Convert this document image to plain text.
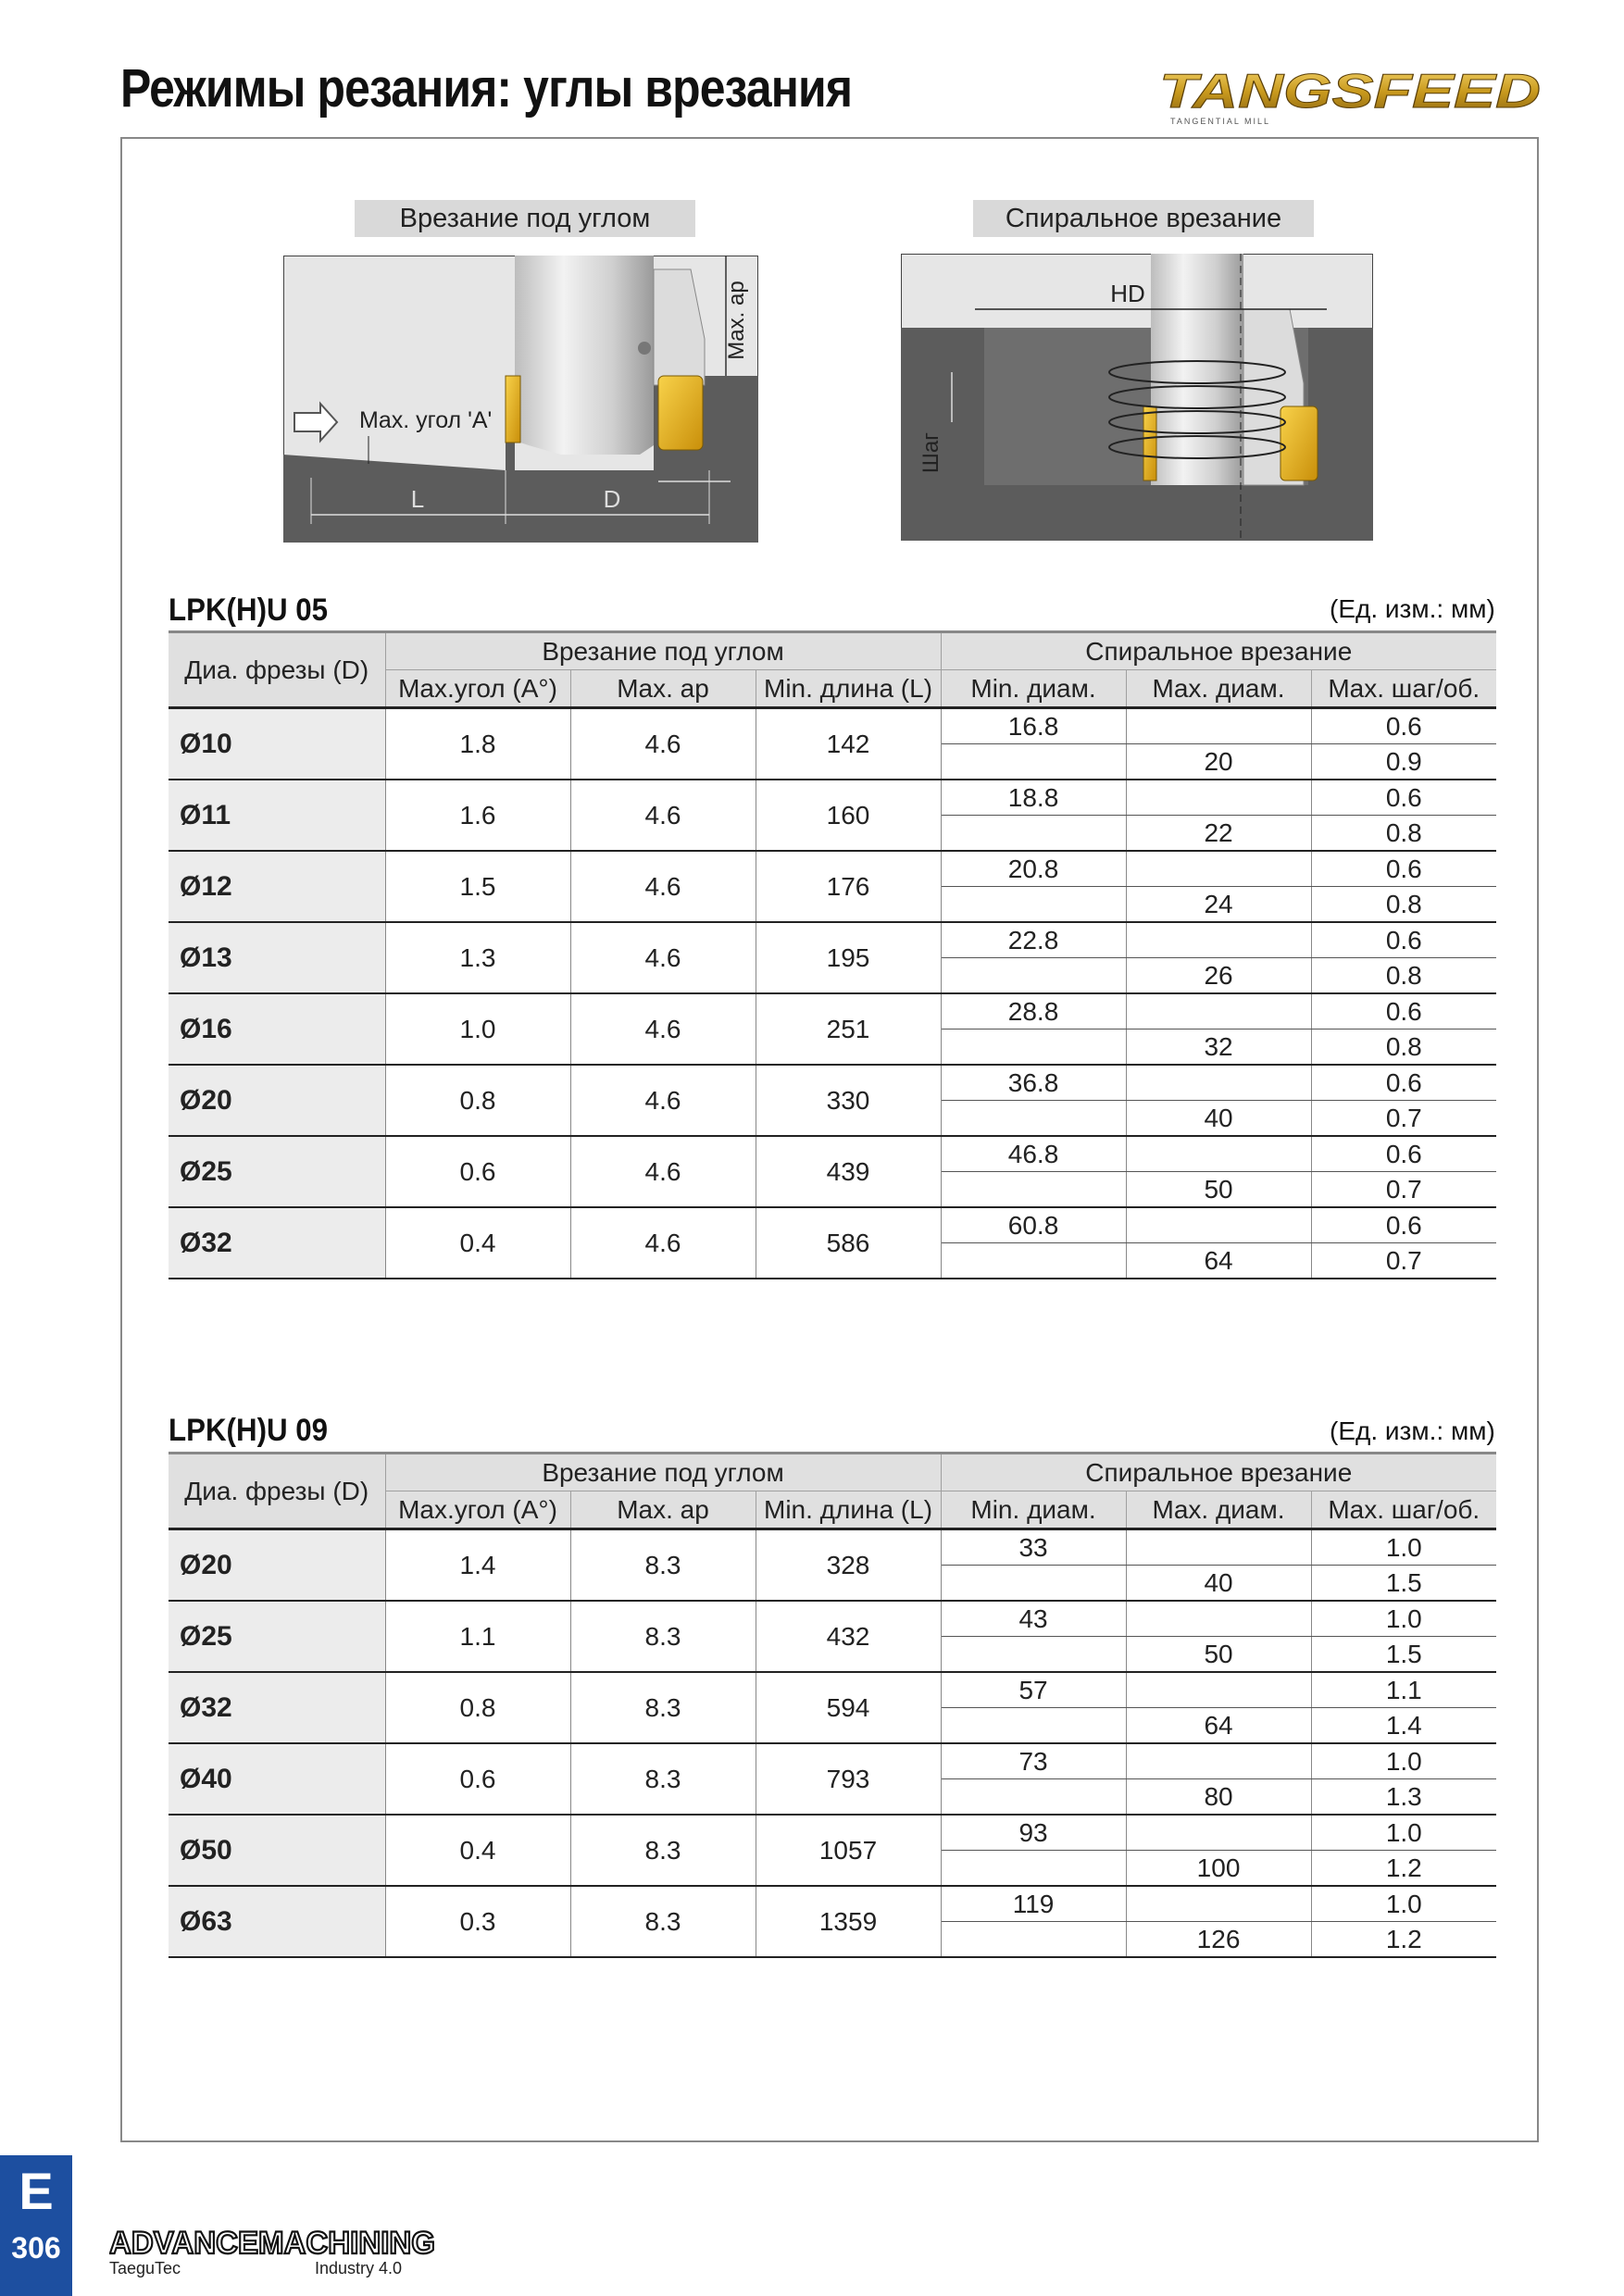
Режимы резания: углы врезания	TANGSFEED
TANGENTIAL MILL
Врезание под углом	Спиральное врезание
Max. ap
L	D
Max. угол 'A'
HD
Шаг
LPK(H)U 05	(Ед. изм.: мм)
Диа. фрезы (D)	Врезание под углом			Спиральное врезание		
	Max.угол (A°)	Max. ap	Min. длина (L)	Min. диам.	Max. диам.	Max. шаг/об.
Ø10	1.8	4.6	142	16.8		0.6
					20	0.9
Ø11	1.6	4.6	160	18.8		0.6
					22	0.8
Ø12	1.5	4.6	176	20.8		0.6
					24	0.8
Ø13	1.3	4.6	195	22.8		0.6
					26	0.8
Ø16	1.0	4.6	251	28.8		0.6
					32	0.8
Ø20	0.8	4.6	330	36.8		0.6
					40	0.7
Ø25	0.6	4.6	439	46.8		0.6
					50	0.7
Ø32	0.4	4.6	586	60.8		0.6
					64	0.7
LPK(H)U 09	(Ед. изм.: мм)
Диа. фрезы (D)	Врезание под углом			Спиральное врезание		
	Max.угол (A°)	Max. ap	Min. длина (L)	Min. диам.	Max. диам.	Max. шаг/об.
Ø20	1.4	8.3	328	33		1.0
					40	1.5
Ø25	1.1	8.3	432	43		1.0
					50	1.5
Ø32	0.8	8.3	594	57		1.1
					64	1.4
Ø40	0.6	8.3	793	73		1.0
					80	1.3
Ø50	0.4	8.3	1057	93		1.0
					100	1.2
Ø63	0.3	8.3	1359	119		1.0
					126	1.2
E
306	ADVANCEMACHINING
TaeguTec	Industry 4.0
